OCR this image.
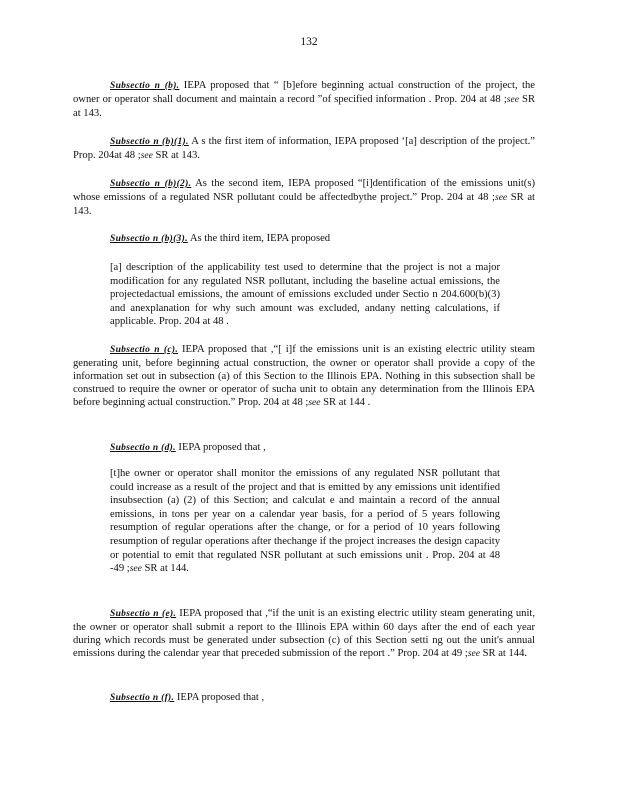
132

Subsectio n (b). IEPA proposed that “ [b]efore beginning actual construction of the project, the owner or operator shall document and maintain a record ”of specified information . Prop. 204 at 48 ;see SR at 143.

Subsectio n (b)(1). A s the first item of information, IEPA proposed ‘[a] description of the project.” Prop. 204at 48 ;see SR at 143.

Subsectio n (b)(2). As the second item, IEPA proposed “[i]dentification of the emissions unit(s) whose emissions of a regulated NSR pollutant could be affectedbythe project.” Prop. 204 at 48 ;see SR at 143.

Subsectio n (b)(3). As the third item, IEPA proposed

[a] description of the applicability test used to determine that the project is not a major modification for any regulated NSR pollutant, including the baseline actual emissions, the projectedactual emissions, the amount of emissions excluded under Sectio n 204.600(b)(3) and anexplanation for why such amount was excluded, andany netting calculations, if applicable. Prop. 204 at 48 .

Subsectio n (c). IEPA proposed that ,“[ i]f the emissions unit is an existing electric utility steam generating unit, before beginning actual construction, the owner or operator shall provide a copy of the information set out in subsection (a) of this Section to the Illinois EPA. Nothing in this subsection shall be construed to require the owner or operator of sucha unit to obtain any determination from the Illinois EPA before beginning actual construction.” Prop. 204 at 48 ;see SR at 144 .

Subsectio n (d). IEPA proposed that ,

[t]he owner or operator shall monitor the emissions of any regulated NSR pollutant that could increase as a result of the project and that is emitted by any emissions unit identified insubsection (a) (2) of this Section; and calculat e and maintain a record of the annual emissions, in tons per year on a calendar year basis, for a period of 5 years following resumption of regular operations after the change, or for a period of 10 years following resumption of regular operations after thechange if the project increases the design capacity or potential to emit that regulated NSR pollutant at such emissions unit . Prop. 204 at 48 -49 ;see SR at 144.

Subsectio n (e). IEPA proposed that ,“if the unit is an existing electric utility steam generating unit, the owner or operator shall submit a report to the Illinois EPA within 60 days after the end of each year during which records must be generated under subsection (c) of this Section setti ng out the unit's annual emissions during the calendar year that preceded submission of the report .” Prop. 204 at 49 ;see SR at 144.

Subsectio n (f). IEPA proposed that ,
